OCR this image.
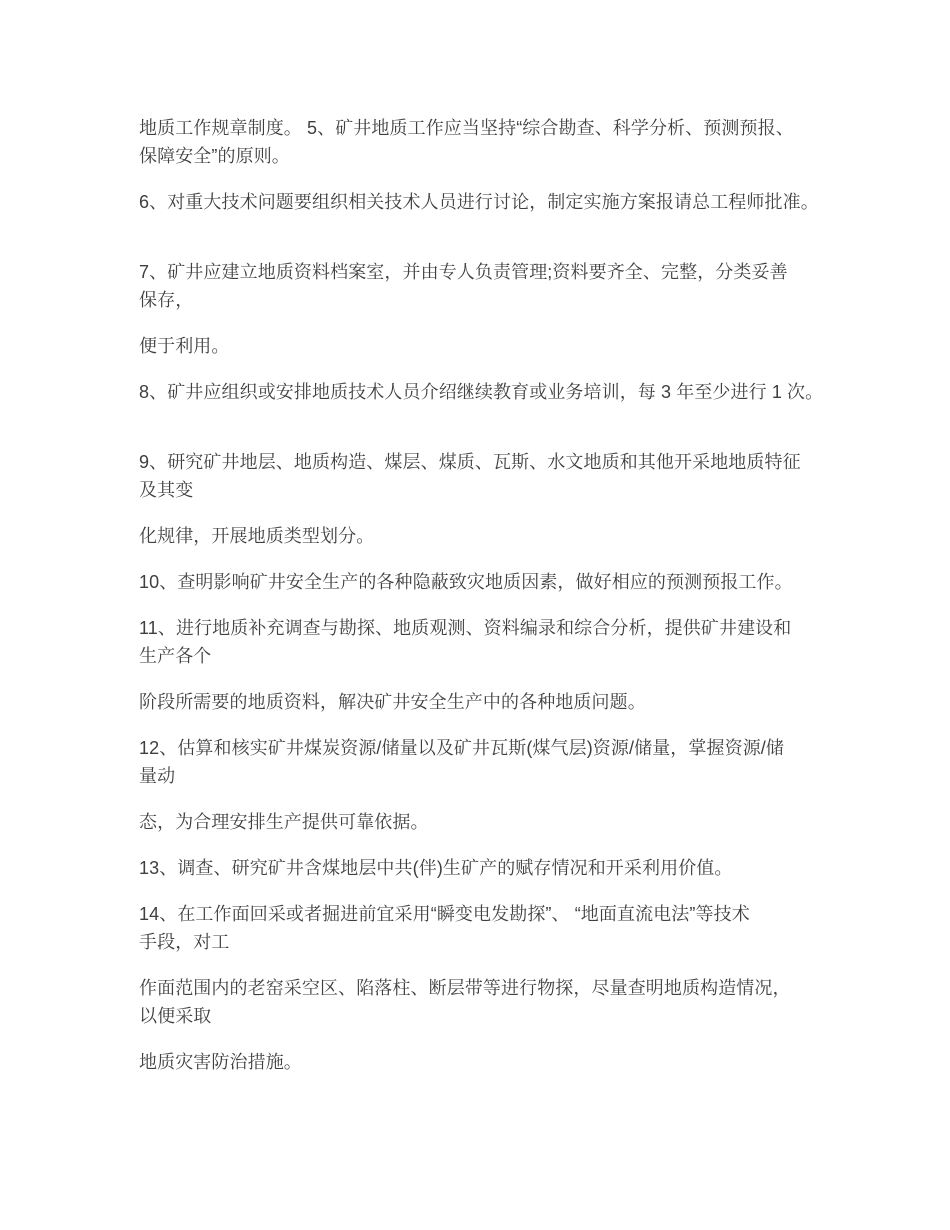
地质工作规章制度。 5、矿井地质工作应当坚持“综合勘查、科学分析、预测预报、
保障安全”的原则。
6、对重大技术问题要组织相关技术人员进行讨论，制定实施方案报请总工程师批准。
7、矿井应建立地质资料档案室，并由专人负责管理;资料要齐全、完整，分类妥善
保存，
便于利用。
8、矿井应组织或安排地质技术人员介绍继续教育或业务培训，每 3 年至少进行 1 次。
9、研究矿井地层、地质构造、煤层、煤质、瓦斯、水文地质和其他开采地地质特征
及其变
化规律，开展地质类型划分。
10、查明影响矿井安全生产的各种隐蔽致灾地质因素，做好相应的预测预报工作。
11、进行地质补充调查与勘探、地质观测、资料编录和综合分析，提供矿井建设和
生产各个
阶段所需要的地质资料，解决矿井安全生产中的各种地质问题。
12、估算和核实矿井煤炭资源/储量以及矿井瓦斯(煤气层)资源/储量，掌握资源/储
量动
态，为合理安排生产提供可靠依据。
13、调查、研究矿井含煤地层中共(伴)生矿产的赋存情况和开采利用价值。
14、在工作面回采或者掘进前宜采用“瞬变电发勘探”、 “地面直流电法”等技术
手段，对工
作面范围内的老窑采空区、陷落柱、断层带等进行物探，尽量查明地质构造情况，
以便采取
地质灾害防治措施。
